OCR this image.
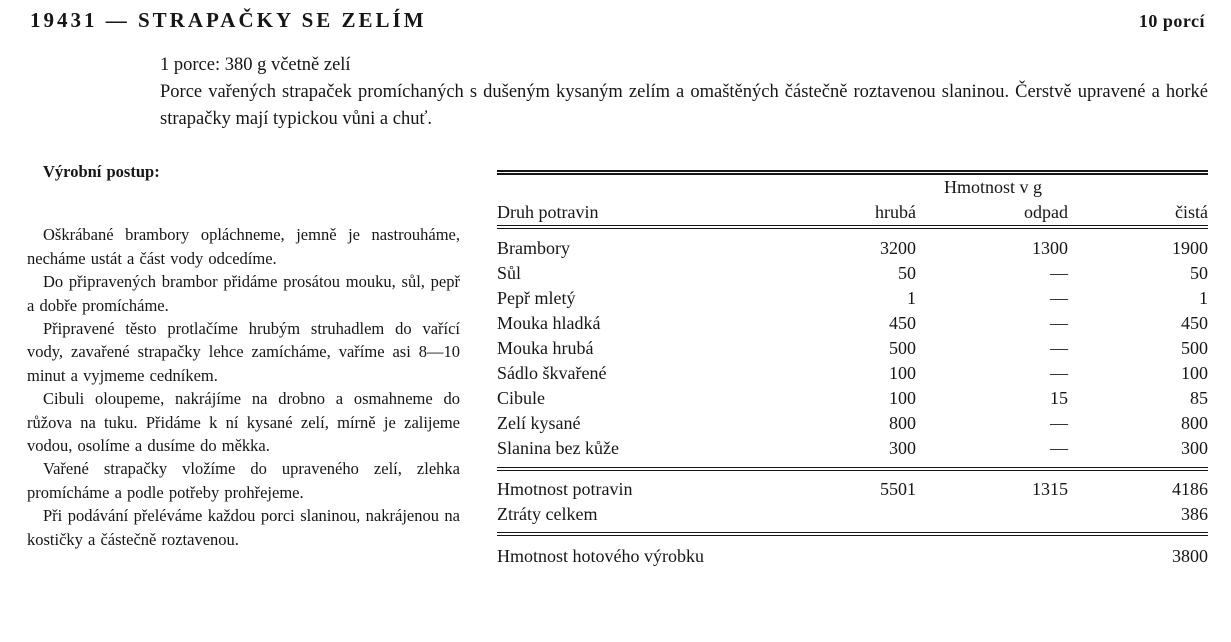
19431 — STRAPAČKY SE ZELÍM	10 porcí

1 porce: 380 g včetně zelí

Porce vařených strapaček promíchaných s dušeným kysaným zelím a omaštěných částečně roztavenou slaninou. Čerstvě upravené a horké strapačky mají typickou vůni a chuť.

Výrobní postup:

Oškrábané brambory opláchneme, jemně je nastrouháme, necháme ustát a část vody odcedíme.

Do připravených brambor přidáme prosátou mouku, sůl, pepř a dobře promícháme.

Připravené těsto protlačíme hrubým struhadlem do vařící vody, zavařené strapačky lehce zamícháme, vaříme asi 8—10 minut a vyjmeme cedníkem.

Cibuli oloupeme, nakrájíme na drobno a osmahneme do růžova na tuku. Přidáme k ní kysané zelí, mírně je zalijeme vodou, osolíme a dusíme do měkka.

Vařené strapačky vložíme do upraveného zelí, zlehka promícháme a podle potřeby prohřejeme.

Při podávání přeléváme každou porci slaninou, nakrájenou na kostičky a částečně roztavenou.

	Hmotnost v g		
Druh potravin	hrubá	odpad	čistá
Brambory	3200	1300	1900
Sůl	50	—	50
Pepř mletý	1	—	1
Mouka hladká	450	—	450
Mouka hrubá	500	—	500
Sádlo škvařené	100	—	100
Cibule	100	15	85
Zelí kysané	800	—	800
Slanina bez kůže	300	—	300
Hmotnost potravin	5501	1315	4186
Ztráty celkem			386
Hmotnost hotového výrobku			3800
